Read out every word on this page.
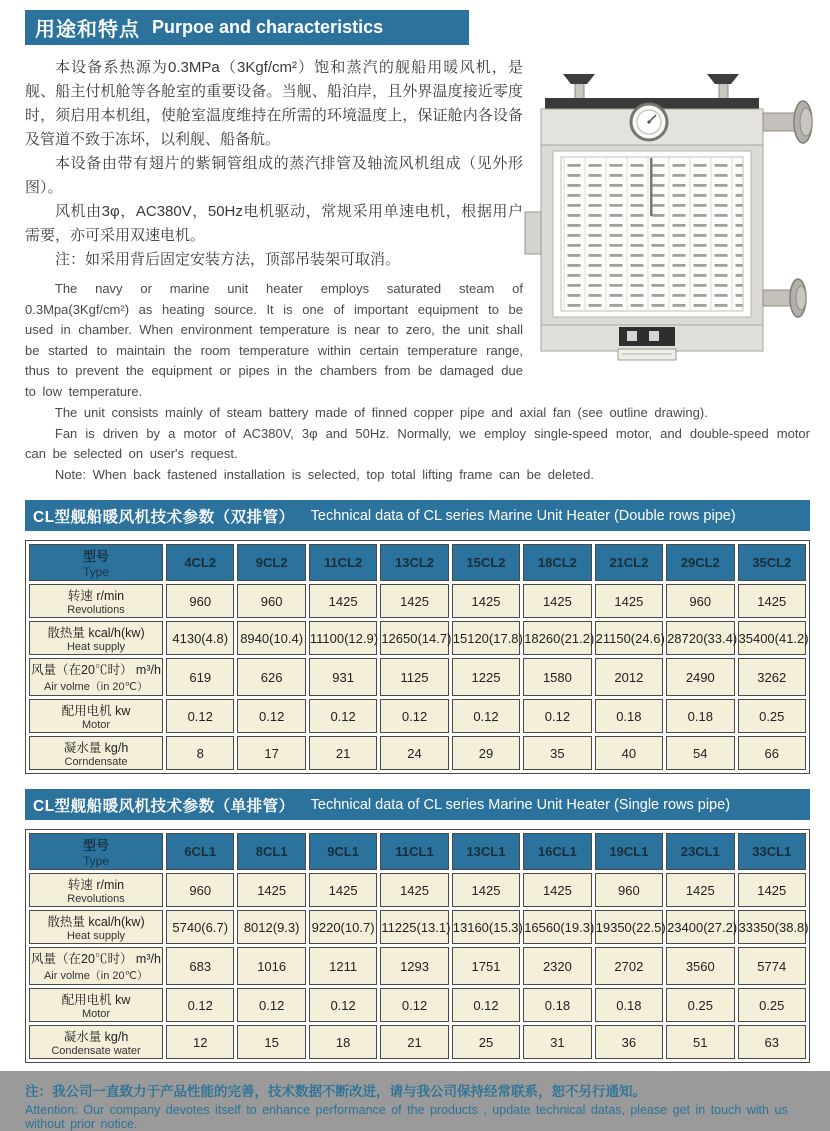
用途和特点 Purpoe and characteristics

本设备系热源为0.3MPa（3Kgf/cm²）饱和蒸汽的舰船用暖风机，是舰、船主付机舱等各舱室的重要设备。当舰、船泊岸，且外界温度接近零度时，须启用本机组，使舱室温度维持在所需的环境温度上，保证舱内各设备及管道不致于冻坏，以利舰、船备航。

本设备由带有翅片的紫铜管组成的蒸汽排管及轴流风机组成（见外形图）。

风机由3φ，AC380V，50Hz电机驱动，常规采用单速电机，根据用户需要，亦可采用双速电机。

注：如采用背后固定安装方法，顶部吊装架可取消。

The navy or marine unit heater employs saturated steam of 0.3Mpa(3Kgf/cm²) as heating source. It is one of important equipment to be used in chamber. When environment temperature is near to zero, the unit shall be started to maintain the room temperature within certain temperature range, thus to prevent the equipment or pipes in the chambers from be damaged due to low temperature.

The unit consists mainly of steam battery made of finned copper pipe and axial fan (see outline drawing).

Fan is driven by a motor of AC380V, 3φ and 50Hz. Normally, we employ single-speed motor, and double-speed motor can be selected on user's request.

Note: When back fastened installation is selected, top total lifting frame can be deleted.

CL型舰船暖风机技术参数（双排管） Technical data of CL series Marine Unit Heater (Double rows pipe)
型号
Type	4CL2	9CL2	11CL2	13CL2	15CL2	18CL2	21CL2	29CL2	35CL2

转速 r/min
Revolutions	960	960	1425	1425	1425	1425	1425	960	1425

散热量 kcal/h(kw)
Heat supply	4130(4.8)	8940(10.4)	11100(12.9)	12650(14.7)	15120(17.8)	18260(21.2)	21150(24.6)	28720(33.4)	35400(41.2)

风量（在20℃时） m³/h
Air volme（in 20℃）	619	626	931	1125	1225	1580	2012	2490	3262

配用电机 kw
Motor	0.12	0.12	0.12	0.12	0.12	0.12	0.18	0.18	0.25

凝水量 kg/h
Corndensate	8	17	21	24	29	35	40	54	66
CL型舰船暖风机技术参数（单排管） Technical data of CL series Marine Unit Heater (Single rows pipe)
型号
Type	6CL1	8CL1	9CL1	11CL1	13CL1	16CL1	19CL1	23CL1	33CL1

转速 r/min
Revolutions	960	1425	1425	1425	1425	1425	960	1425	1425

散热量 kcal/h(kw)
Heat supply	5740(6.7)	8012(9.3)	9220(10.7)	11225(13.1)	13160(15.3)	16560(19.3)	19350(22.5)	23400(27.2)	33350(38.8)

风量（在20℃时） m³/h
Air volme（in 20℃）	683	1016	1211	1293	1751	2320	2702	3560	5774

配用电机 kw
Motor	0.12	0.12	0.12	0.12	0.12	0.18	0.18	0.25	0.25

凝水量 kg/h
Condensate water	12	15	18	21	25	31	36	51	63

注：我公司一直致力于产品性能的完善，技术数据不断改进，请与我公司保持经常联系，恕不另行通知。

Attention: Our company devotes itself to enhance performance of the products , update technical datas, please get in touch with us without prior notice.
